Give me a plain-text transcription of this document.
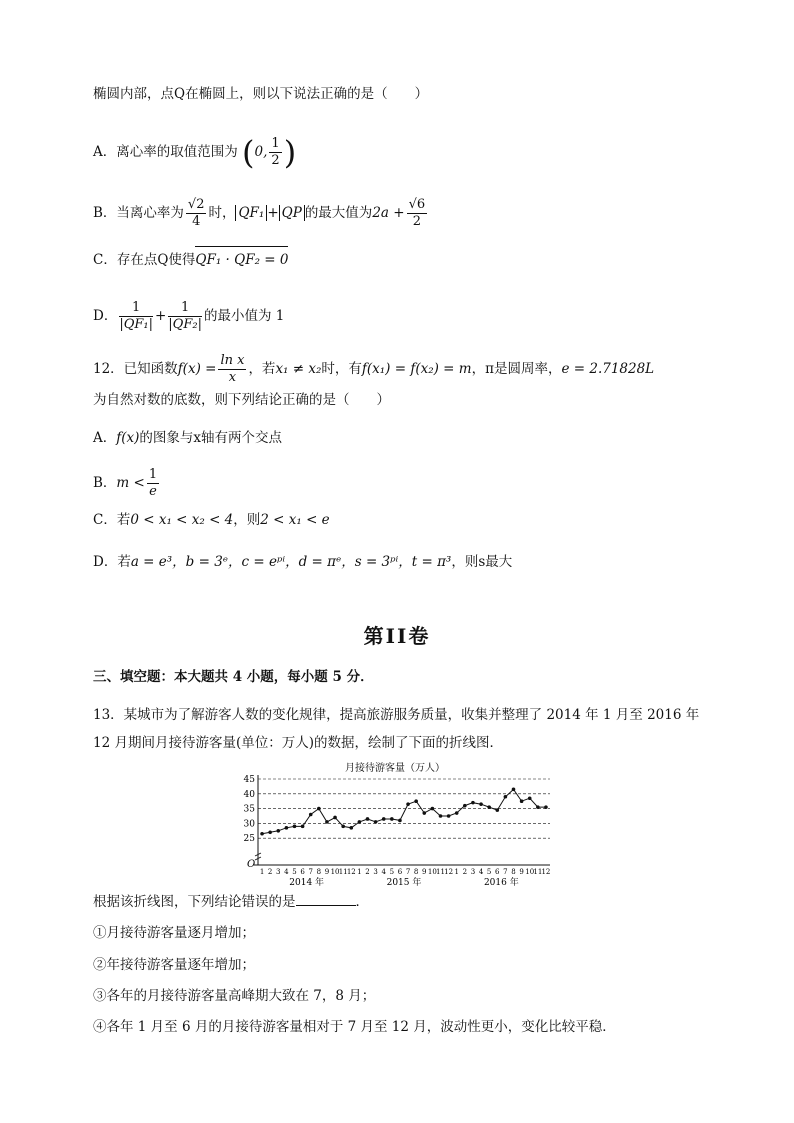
椭圆内部，点Q在椭圆上，则以下说法正确的是（　　）
A．离心率的取值范围为 (0, $\frac{1}{2}$ )
B．当离心率为 $\frac{√2}{4}$ 时， QF₁ + QP 的最大值为$2a + \frac{√6}{2}$
C．存在点Q使得QF₁ · QF₂ = 0
D． $\frac{1}{\text{|QF₁|}} + \frac{1}{\text{|QF₂|}}$ 的最小值为 1
12．已知函数$f(x) = \frac{\text{ln x}}{x}$ ，若x₁ ≠ x₂时，有f(x₁) = f(x₂) = m，π是圆周率，e = 2.71828L
为自然对数的底数，则下列结论正确的是（　　）
A．f(x)的图象与x轴有两个交点
B．$m < \frac{1}{e}$
C．若0 < x₁ < x₂ < 4，则2 < x₁ < e
D．若a = e³，b = 3ᵉ，c = eᵖⁱ，d = πᵉ，s = 3ᵖⁱ，t = π³，则s最大
第II卷
三、填空题：本大题共 4 小题，每小题 5 分．
13．某城市为了解游客人数的变化规律，提高旅游服务质量，收集并整理了 2014 年 1 月至 2016 年
12 月期间月接待游客量(单位：万人)的数据，绘制了下面的折线图．
月接待游客量（万人）
25
30
35
40
45
1 2 3 4 5 6 7 8 9 10 11 12 1 2 3 4 5 6 7 8 9 10 11 12 1 2 3 4 5 6 7 8 9 10 11 12
2014 年	2015 年	2016 年
O
根据该折线图，下列结论错误的是	．
①月接待游客量逐月增加；
②年接待游客量逐年增加；
③各年的月接待游客量高峰期大致在 7，8 月；
④各年 1 月至 6 月的月接待游客量相对于 7 月至 12 月，波动性更小，变化比较平稳．
